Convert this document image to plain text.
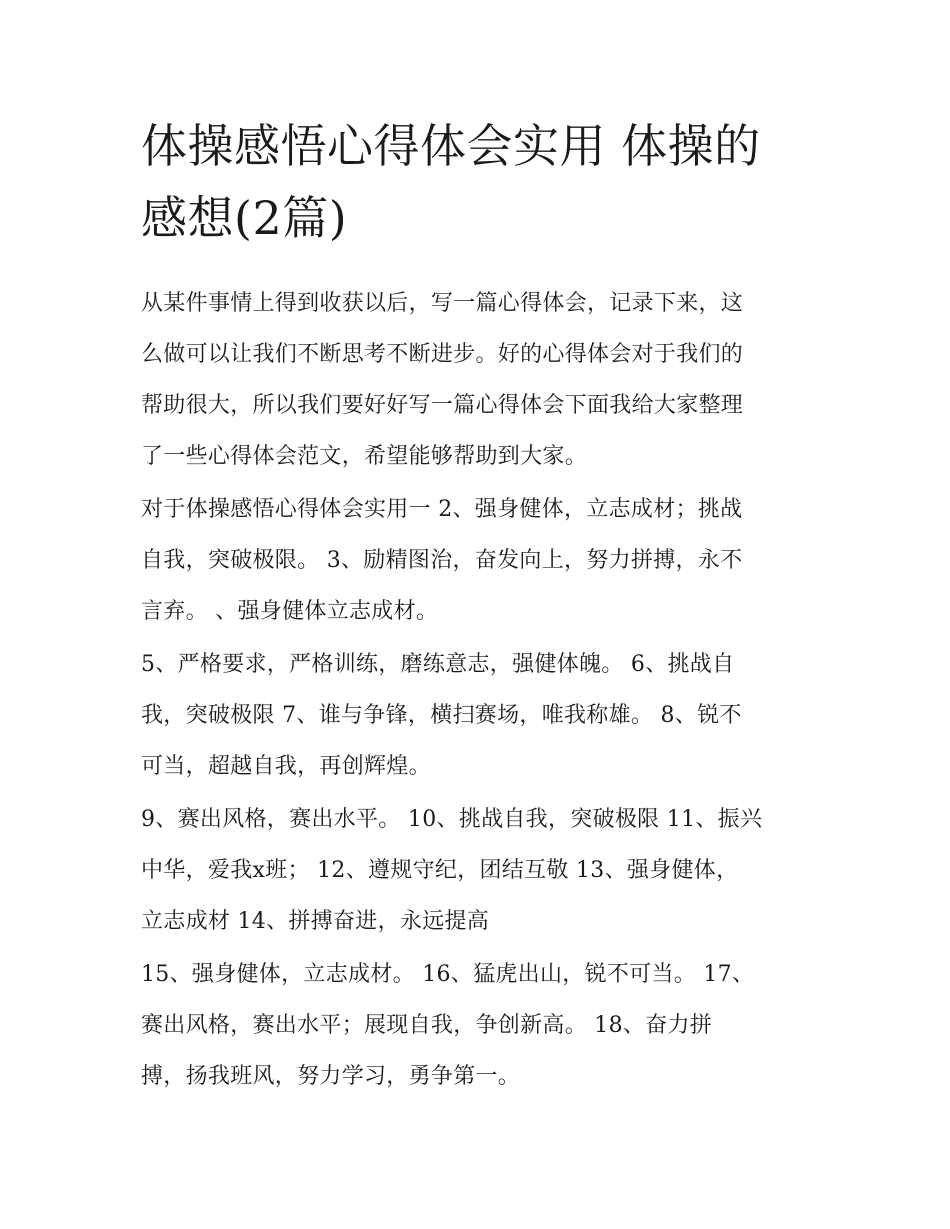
体操感悟心得体会实用 体操的
感想(2篇)

从某件事情上得到收获以后，写一篇心得体会，记录下来，这
么做可以让我们不断思考不断进步。好的心得体会对于我们的
帮助很大，所以我们要好好写一篇心得体会下面我给大家整理
了一些心得体会范文，希望能够帮助到大家。

对于体操感悟心得体会实用一 2、强身健体，立志成材；挑战
自我，突破极限。 3、励精图治，奋发向上，努力拼搏，永不
言弃。 、强身健体立志成材。

5、严格要求，严格训练，磨练意志，强健体魄。 6、挑战自
我，突破极限 7、谁与争锋，横扫赛场，唯我称雄。 8、锐不
可当，超越自我，再创辉煌。

9、赛出风格，赛出水平。 10、挑战自我，突破极限 11、振兴
中华，爱我x班； 12、遵规守纪，团结互敬 13、强身健体，
立志成材 14、拼搏奋进，永远提高

15、强身健体，立志成材。 16、猛虎出山，锐不可当。 17、
赛出风格，赛出水平；展现自我，争创新高。 18、奋力拼
搏，扬我班风，努力学习，勇争第一。
